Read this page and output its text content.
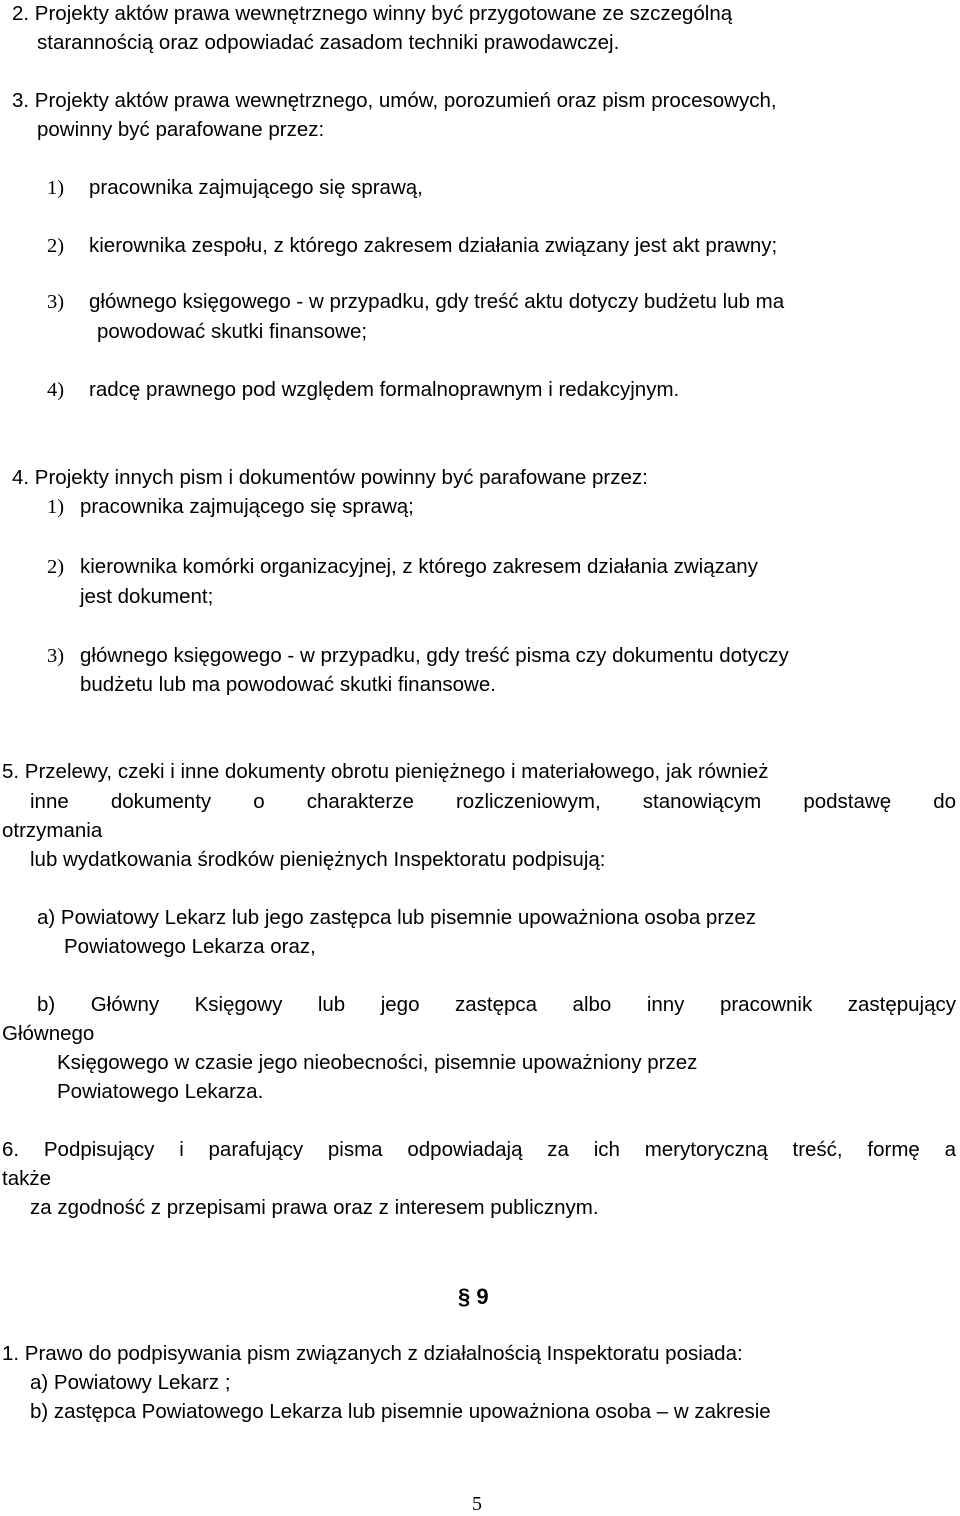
2. Projekty aktów prawa wewnętrznego winny być przygotowane ze szczególną
starannością oraz odpowiadać zasadom techniki prawodawczej.
3. Projekty aktów prawa wewnętrznego, umów, porozumień oraz pism procesowych,
powinny być parafowane przez:
1) pracownika zajmującego się sprawą,
2) kierownika zespołu, z którego zakresem działania związany jest akt prawny;
3) głównego księgowego - w przypadku, gdy treść aktu dotyczy budżetu lub ma
powodować skutki finansowe;
4) radcę prawnego pod względem formalnoprawnym i redakcyjnym.
4. Projekty innych pism i dokumentów powinny być parafowane przez:
1) pracownika zajmującego się sprawą;
2) kierownika komórki organizacyjnej, z którego zakresem działania związany
jest dokument;
3) głównego księgowego - w przypadku, gdy treść pisma czy dokumentu dotyczy
budżetu lub ma powodować skutki finansowe.
5. Przelewy, czeki i inne dokumenty obrotu pieniężnego i materiałowego, jak również
inne dokumenty o charakterze rozliczeniowym, stanowiącym podstawę do
otrzymania
lub wydatkowania środków pieniężnych Inspektoratu podpisują:
a) Powiatowy Lekarz lub jego zastępca lub pisemnie upoważniona osoba przez
Powiatowego Lekarza oraz,
b) Główny Księgowy lub jego zastępca albo inny pracownik zastępujący
Głównego
Księgowego w czasie jego nieobecności, pisemnie upoważniony przez
Powiatowego Lekarza.
6. Podpisujący i parafujący pisma odpowiadają za ich merytoryczną treść, formę a
także
za zgodność z przepisami prawa oraz z interesem publicznym.
§ 9
1. Prawo do podpisywania pism związanych z działalnością Inspektoratu posiada:
a) Powiatowy Lekarz ;
b) zastępca Powiatowego Lekarza lub pisemnie upoważniona osoba – w zakresie
5
